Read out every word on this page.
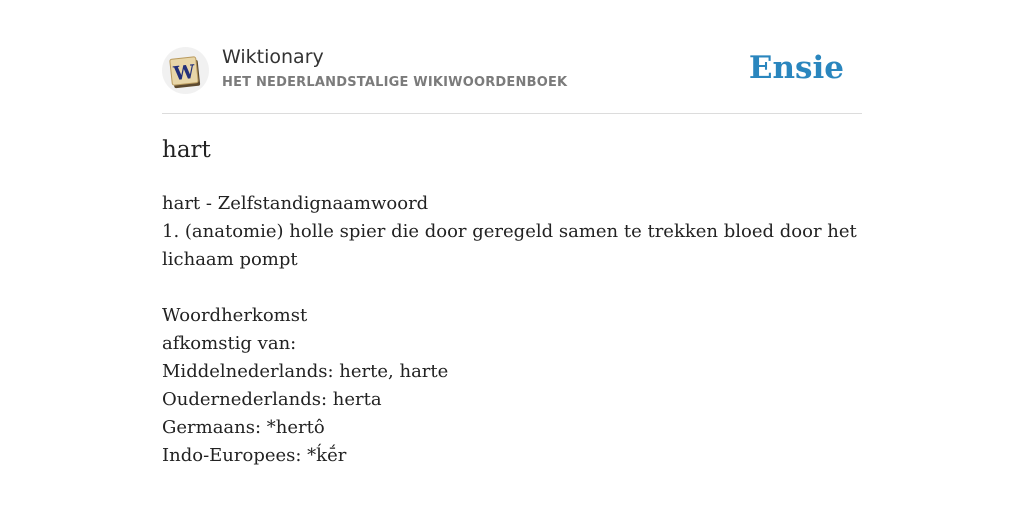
W
Wiktionary
HET NEDERLANDSTALIGE WIKIWOORDENBOEK	Ensie
hart
hart - Zelfstandignaamwoord
1. (anatomie) holle spier die door geregeld samen te trekken bloed door het lichaam pompt
Woordherkomst
afkomstig van:
Middelnederlands: herte, harte
Oudernederlands: herta
Germaans: *hertô
Indo-Europees: *ḱḗr
